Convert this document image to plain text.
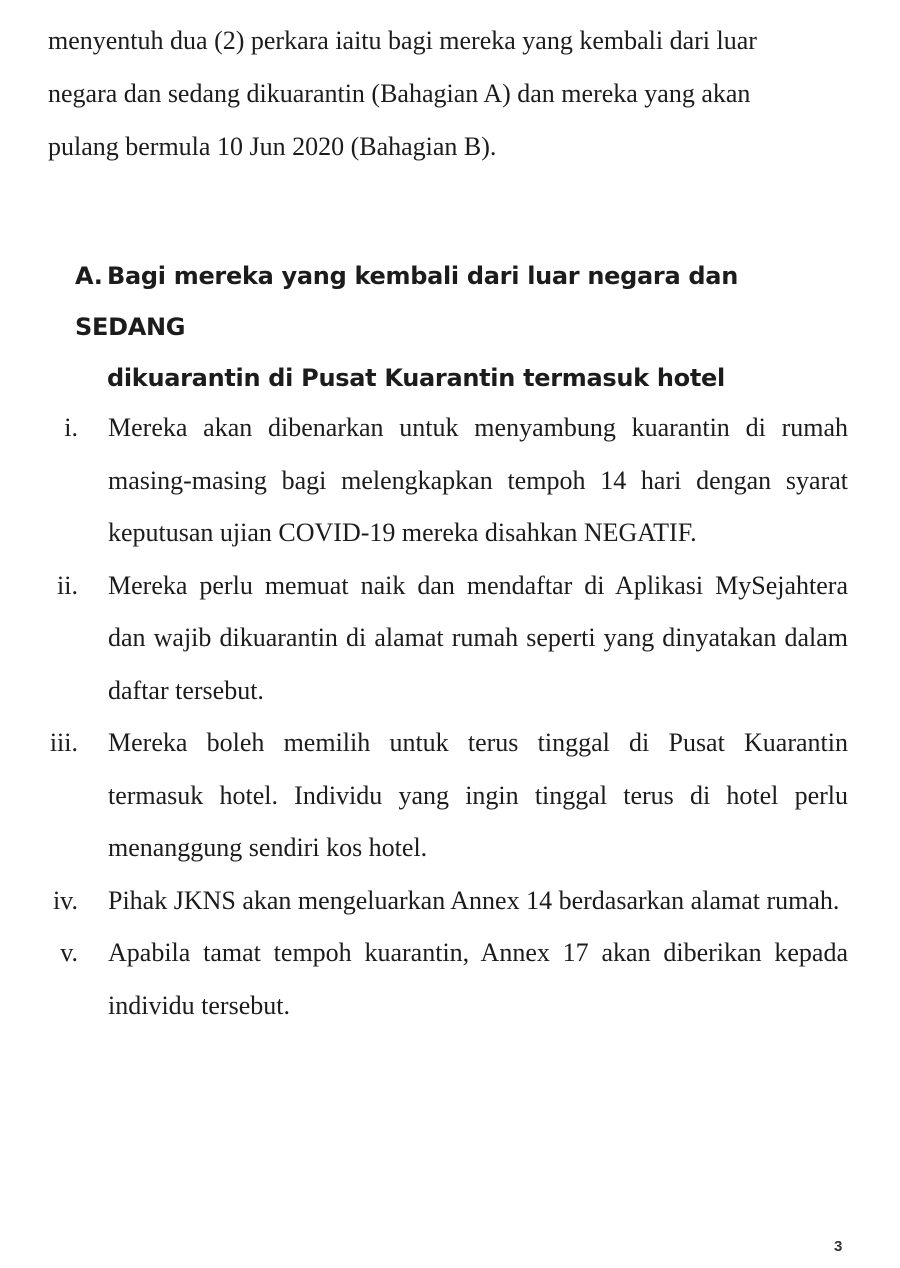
menyentuh dua (2) perkara iaitu bagi mereka yang kembali dari luar
negara dan sedang dikuarantin (Bahagian A) dan mereka yang akan
pulang bermula 10 Jun 2020 (Bahagian B).

A. Bagi mereka yang kembali dari luar negara dan SEDANG
dikuarantin di Pusat Kuarantin termasuk hotel
i. Mereka akan dibenarkan untuk menyambung kuarantin di rumah masing-masing bagi melengkapkan tempoh 14 hari dengan syarat keputusan ujian COVID-19 mereka disahkan NEGATIF.
ii. Mereka perlu memuat naik dan mendaftar di Aplikasi MySejahtera dan wajib dikuarantin di alamat rumah seperti yang dinyatakan dalam daftar tersebut.
iii. Mereka boleh memilih untuk terus tinggal di Pusat Kuarantin termasuk hotel. Individu yang ingin tinggal terus di hotel perlu menanggung sendiri kos hotel.
iv. Pihak JKNS akan mengeluarkan Annex 14 berdasarkan alamat rumah.
v. Apabila tamat tempoh kuarantin, Annex 17 akan diberikan kepada individu tersebut.
3
